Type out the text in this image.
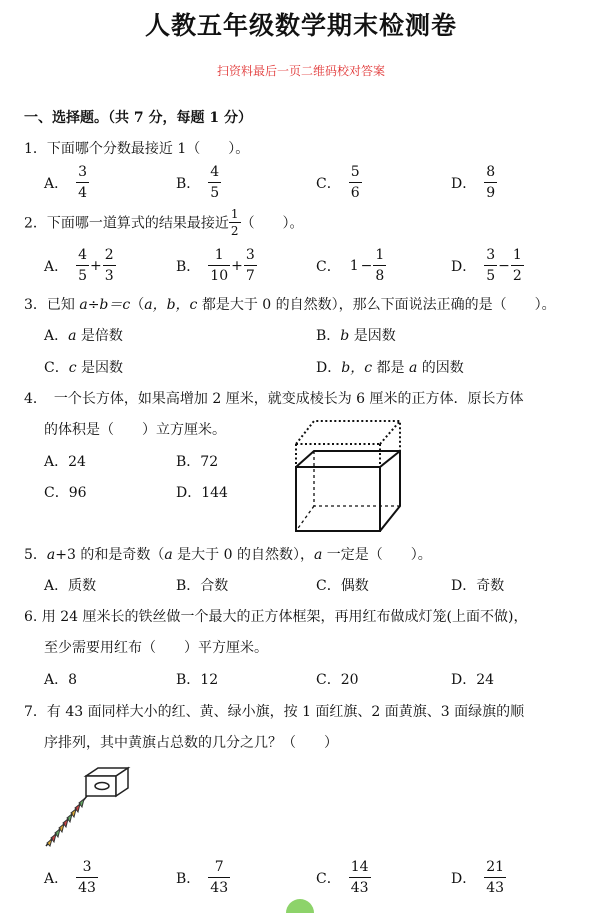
人教五年级数学期末检测卷
扫资料最后一页二维码校对答案
一、选择题。（共 7 分，每题 1 分）
1．下面哪个分数最接近 1（　　）。
A． $\frac{3}{4}$	B． $\frac{4}{5}$	C． $\frac{5}{6}$	D． $\frac{8}{9}$
2．下面哪一道算式的结果最接近 $\frac{1}{2}$ （　　）。
A． $\frac{4}{5} + \frac{2}{3}$	B． $\frac{1}{10} + \frac{3}{7}$	C． $1 - \frac{1}{8}$	D． $\frac{3}{5} - \frac{1}{2}$
3．已知 a÷b＝c（a，b，c 都是大于 0 的自然数），那么下面说法正确的是（　　）。
A．a 是倍数	B．b 是因数
C．c 是因数	D．b，c 都是 a 的因数
4．　一个长方体，如果高增加 2 厘米，就变成棱长为 6 厘米的正方体．原长方体
的体积是（　　）立方厘米。
A．24	B．72
C．96	D．144
5．a+3 的和是奇数（a 是大于 0 的自然数），a 一定是（　　）。
A．质数	B．合数	C．偶数	D．奇数
6. 用 24 厘米长的铁丝做一个最大的正方体框架，再用红布做成灯笼(上面不做)，
至少需要用红布（　　）平方厘米。
A．8	B．12	C．20	D．24
7．有 43 面同样大小的红、黄、绿小旗，按 1 面红旗、2 面黄旗、3 面绿旗的顺
序排列，其中黄旗占总数的几分之几？（　　）
A． $\frac{3}{43}$	B． $\frac{7}{43}$	C． $\frac{14}{43}$	D． $\frac{21}{43}$
